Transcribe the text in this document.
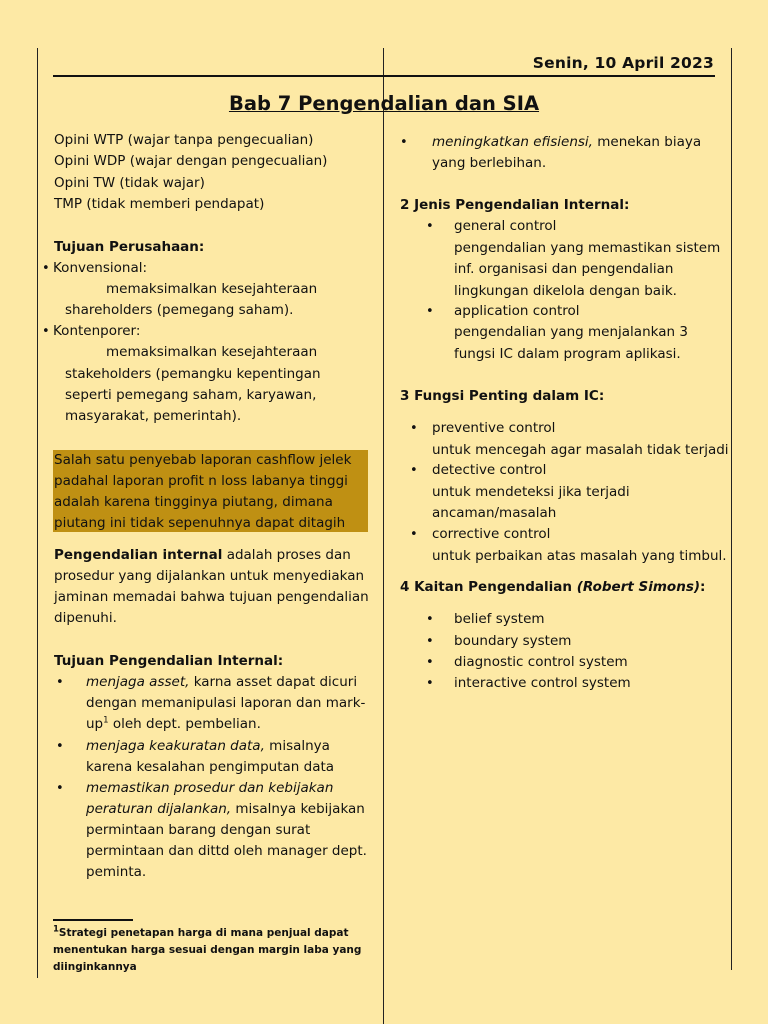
Senin, 10 April 2023
Bab 7 Pengendalian dan SIA
Opini WTP (wajar tanpa pengecualian)
Opini WDP (wajar dengan pengecualian)
Opini TW (tidak wajar)
TMP (tidak memberi pendapat)
Tujuan Perusahaan:
• Konvensional:
memaksimalkan kesejahteraan
shareholders (pemegang saham).
• Kontenporer:
memaksimalkan kesejahteraan
stakeholders (pemangku kepentingan
seperti pemegang saham, karyawan,
masyarakat, pemerintah).
Salah satu penyebab laporan cashflow jelek
padahal laporan profit n loss labanya tinggi
adalah karena tingginya piutang, dimana
piutang ini tidak sepenuhnya dapat ditagih
Pengendalian internal adalah proses dan
prosedur yang dijalankan untuk menyediakan
jaminan memadai bahwa tujuan pengendalian
dipenuhi.
Tujuan Pengendalian Internal:
• menjaga asset, karna asset dapat dicuri
dengan memanipulasi laporan dan mark-
$up^1$ oleh dept. pembelian.
• menjaga keakuratan data, misalnya
karena kesalahan pengimputan data
• memastikan prosedur dan kebijakan
peraturan dijalankan, misalnya kebijakan
permintaan barang dengan surat
permintaan dan dittd oleh manager dept.
peminta.
$^1$Strategi penetapan harga di mana penjual dapat
menentukan harga sesuai dengan margin laba yang
diinginkannya
• meningkatkan efisiensi, menekan biaya
yang berlebihan.
2 Jenis Pengendalian Internal:
• general control
pengendalian yang memastikan sistem
inf. organisasi dan pengendalian
lingkungan dikelola dengan baik.
• application control
pengendalian yang menjalankan 3
fungsi IC dalam program aplikasi.
3 Fungsi Penting dalam IC:
• preventive control
untuk mencegah agar masalah tidak terjadi
• detective control
untuk mendeteksi jika terjadi
ancaman/masalah
• corrective control
untuk perbaikan atas masalah yang timbul.
4 Kaitan Pengendalian (Robert Simons):
• belief system
• boundary system
• diagnostic control system
• interactive control system
